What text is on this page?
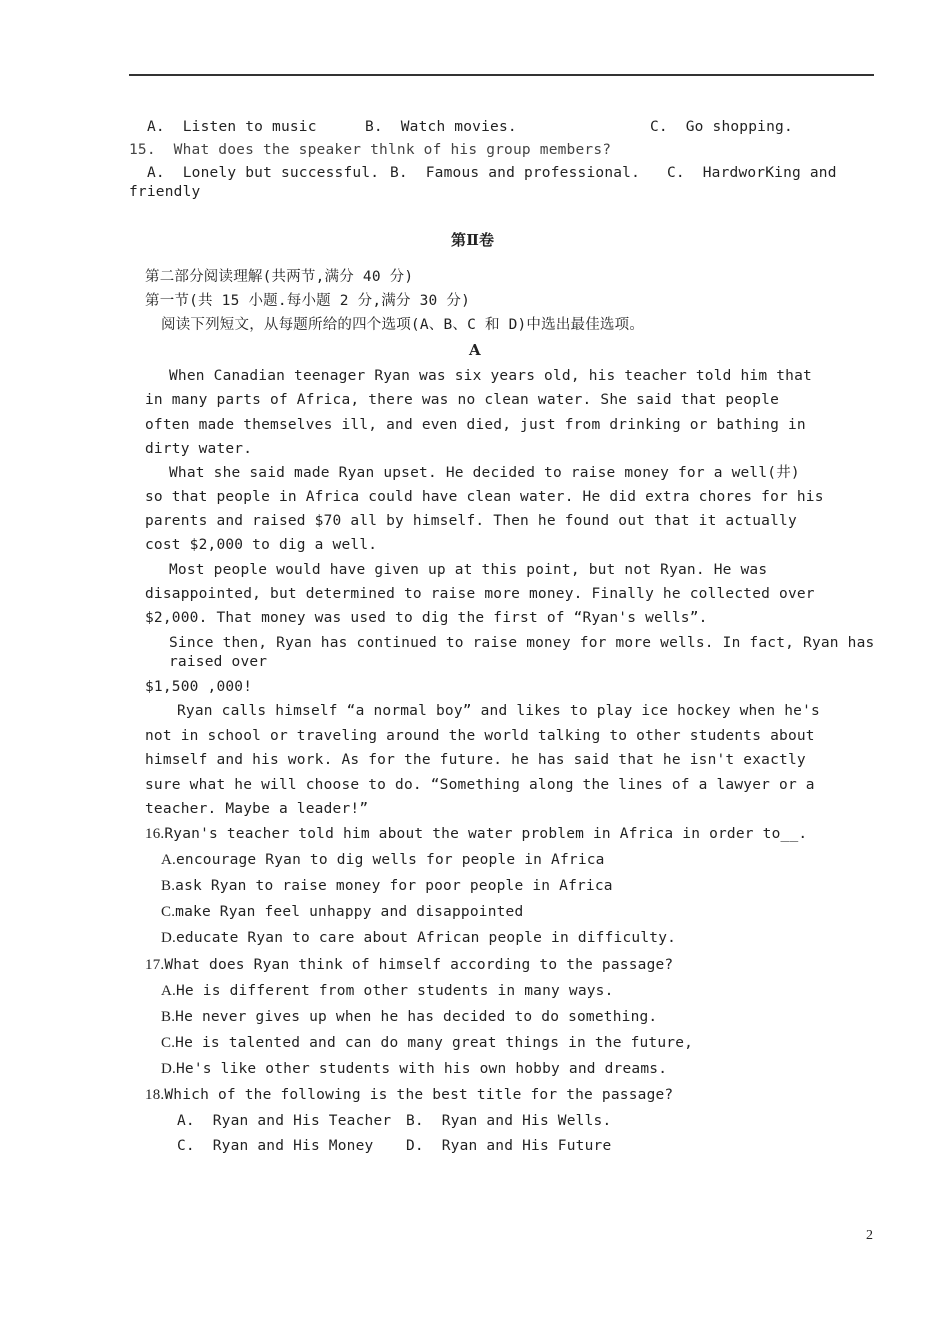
A.  Listen to music	B.  Watch movies.	C.  Go shopping.
15.  What does the speaker thlnk of his group members?
A.  Lonely but successful. B.  Famous and professional. C.  HardworKing and
friendly
第Ⅱ卷
第二部分阅读理解(共两节,满分 40 分)
第一节(共 15 小题.每小题 2 分,满分 30 分)
阅读下列短文，从每题所给的四个选项(A、B、C 和 D)中选出最佳选项。
A
When Canadian teenager Ryan was six years old, his teacher told him that
in many parts of Africa, there was no clean water. She said that people
often made themselves ill, and even died, just from drinking or bathing in
dirty water.
What she said made Ryan upset. He decided to raise money for a well(井)
so that people in Africa could have clean water. He did extra chores for his
parents and raised $70 all by himself. Then he found out that it actually
cost $2,000 to dig a well.
Most people would have given up at this point, but not Ryan. He was
disappointed, but determined to raise more money. Finally he collected over
$2,000. That money was used to dig the first of “Ryan's wells”.
Since then, Ryan has continued to raise money for more wells. In fact, Ryan has
raised over
$1,500 ,000!
Ryan calls himself “a normal boy” and likes to play ice hockey when he's
not in school or traveling around the world talking to other students about
himself and his work. As for the future. he has said that he isn't exactly
sure what he will choose to do. “Something along the lines of a lawyer or a
teacher. Maybe a leader!”
16.Ryan's teacher told him about the water problem in Africa in order to__.
A.encourage Ryan to dig wells for people in Africa
B.ask Ryan to raise money for poor people in Africa
C.make Ryan feel unhappy and disappointed
D.educate Ryan to care about African people in difficulty.
17.What does Ryan think of himself according to the passage?
A.He is different from other students in many ways.
B.He never gives up when he has decided to do something.
C.He is talented and can do many great things in the future,
D.He's like other students with his own hobby and dreams.
18.Which of the following is the best title for the passage?
A.  Ryan and His Teacher B.  Ryan and His Wells.
C.  Ryan and His Money D.  Ryan and His Future
2
